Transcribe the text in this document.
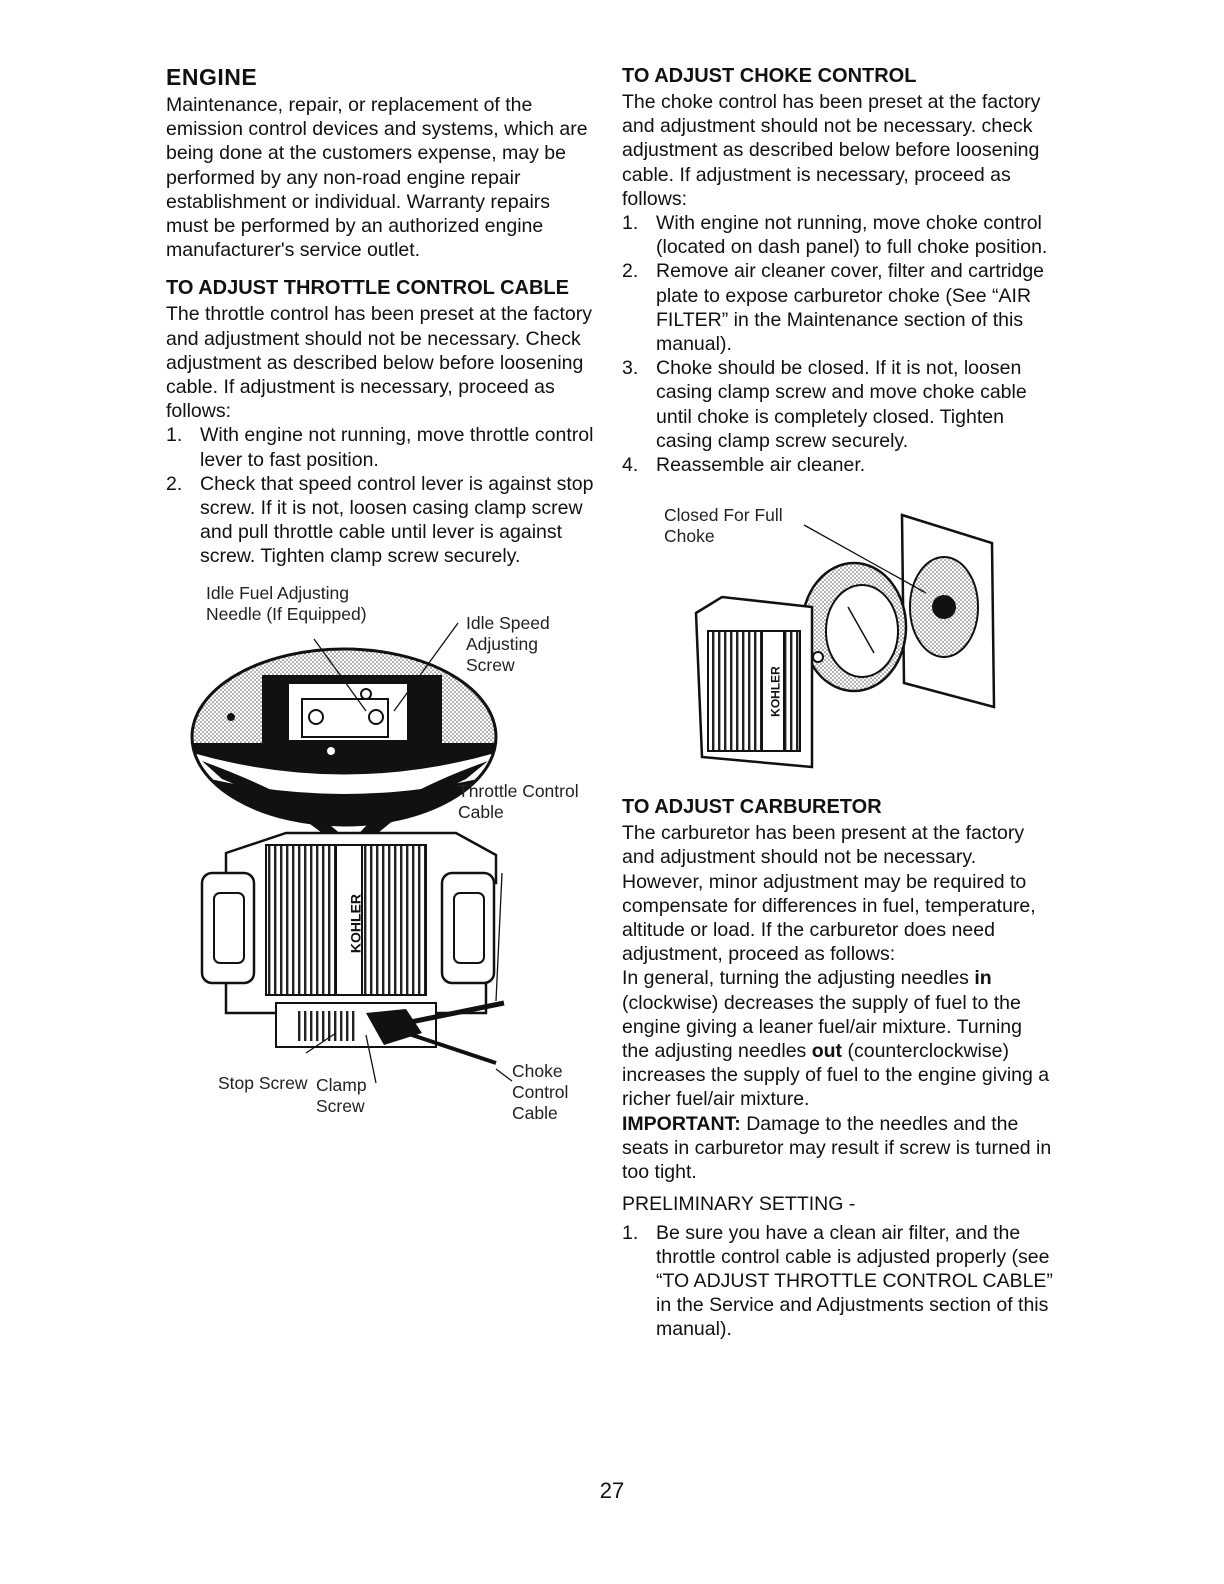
ENGINE

Maintenance, repair, or replacement of the emission control devices and systems, which are being done at the customers expense, may be performed by any non-road engine repair establishment or individual. Warranty repairs must be performed by an authorized engine manufacturer's service outlet.

TO ADJUST THROTTLE CONTROL CABLE

The throttle control has been preset at the factory and adjustment should not be necessary. Check adjustment as described below before loosening cable. If adjustment is necessary, proceed as follows:

1. With engine not running, move throttle control lever to fast position.
2. Check that speed control lever is against stop screw. If it is not, loosen casing clamp screw and pull throttle cable until lever is against screw. Tighten clamp screw securely.
Idle Fuel Adjusting Needle (If Equipped)	Idle Speed Adjusting Screw
Throttle Control Cable
Stop Screw Clamp Screw
Choke Control Cable
KOHLER
TO ADJUST CHOKE CONTROL

The choke control has been preset at the factory and adjustment should not be necessary. check adjustment as described below before loosening cable. If adjustment is necessary, proceed as follows:

1. With engine not running, move choke control (located on dash panel) to full choke position.
2. Remove air cleaner cover, filter and cartridge plate to expose carburetor choke (See “AIR FILTER” in the Maintenance section of this manual).
3. Choke should be closed. If it is not, loosen casing clamp screw and move choke cable until choke is completely closed. Tighten casing clamp screw securely.
4. Reassemble air cleaner.
Closed For Full Choke
KOHLER
TO ADJUST CARBURETOR

The carburetor has been present at the factory and adjustment should not be necessary. However, minor adjustment may be required to compensate for differences in fuel, temperature, altitude or load. If the carburetor does need adjustment, proceed as follows:

In general, turning the adjusting needles in (clockwise) decreases the supply of fuel to the engine giving a leaner fuel/air mixture. Turning the adjusting needles out (counterclockwise) increases the supply of fuel to the engine giving a richer fuel/air mixture.

IMPORTANT: Damage to the needles and the seats in carburetor may result if screw is turned in too tight.

PRELIMINARY SETTING -

1. Be sure you have a clean air filter, and the throttle control cable is adjusted properly (see “TO ADJUST THROTTLE CONTROL CABLE” in the Service and Adjustments section of this manual).
27
